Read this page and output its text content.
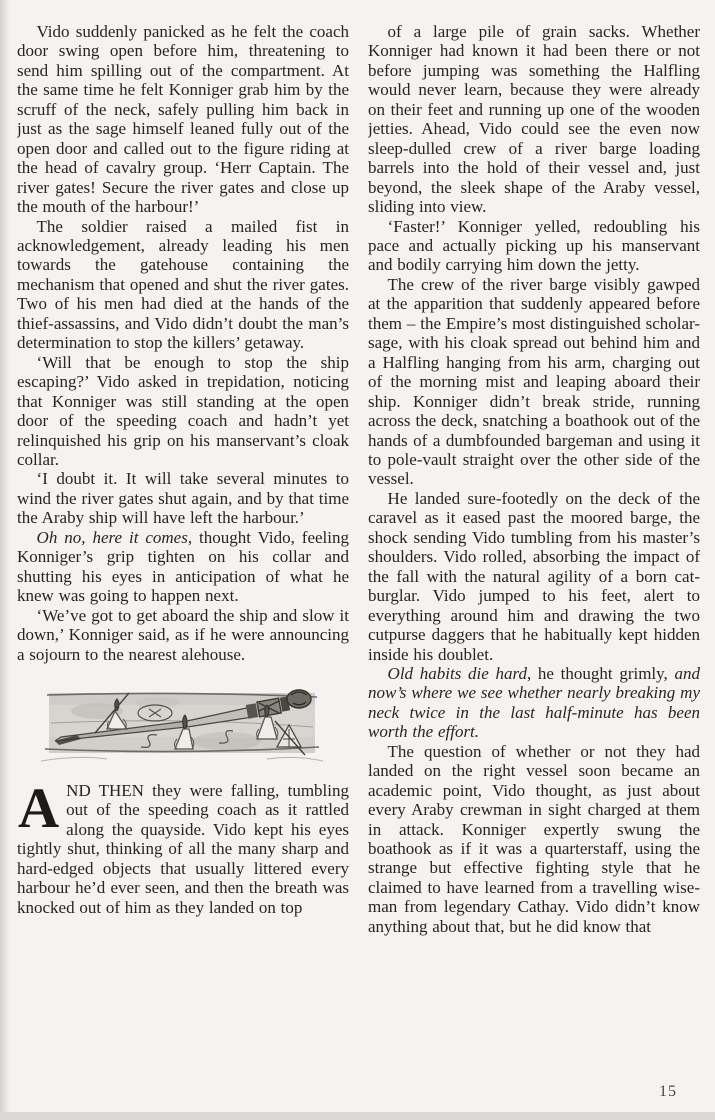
Vido suddenly panicked as he felt the coach door swing open before him, threatening to send him spilling out of the compartment. At the same time he felt Konniger grab him by the scruff of the neck, safely pulling him back in just as the sage himself leaned fully out of the open door and called out to the figure riding at the head of cavalry group. ‘Herr Captain. The river gates! Secure the river gates and close up the mouth of the harbour!’

The soldier raised a mailed fist in acknowledgement, already leading his men towards the gatehouse containing the mechanism that opened and shut the river gates. Two of his men had died at the hands of the thief-assassins, and Vido didn’t doubt the man’s determination to stop the killers’ getaway.

‘Will that be enough to stop the ship escaping?’ Vido asked in trepidation, noticing that Konniger was still standing at the open door of the speeding coach and hadn’t yet relinquished his grip on his manservant’s cloak collar.

‘I doubt it. It will take several minutes to wind the river gates shut again, and by that time the Araby ship will have left the harbour.’

Oh no, here it comes, thought Vido, feeling Konniger’s grip tighten on his collar and shutting his eyes in anticipation of what he knew was going to happen next.

‘We’ve got to get aboard the ship and slow it down,’ Konniger said, as if he were announcing a sojourn to the nearest alehouse.

AND THEN they were falling, tumbling out of the speeding coach as it rattled along the quayside. Vido kept his eyes tightly shut, thinking of all the many sharp and hard-edged objects that usually littered every harbour he’d ever seen, and then the breath was knocked out of him as they landed on top

of a large pile of grain sacks. Whether Konniger had known it had been there or not before jumping was something the Halfling would never learn, because they were already on their feet and running up one of the wooden jetties. Ahead, Vido could see the even now sleep-dulled crew of a river barge loading barrels into the hold of their vessel and, just beyond, the sleek shape of the Araby vessel, sliding into view.

‘Faster!’ Konniger yelled, redoubling his pace and actually picking up his manservant and bodily carrying him down the jetty.

The crew of the river barge visibly gawped at the apparition that suddenly appeared before them – the Empire’s most distinguished scholar-sage, with his cloak spread out behind him and a Halfling hanging from his arm, charging out of the morning mist and leaping aboard their ship. Konniger didn’t break stride, running across the deck, snatching a boathook out of the hands of a dumbfounded bargeman and using it to pole-vault straight over the other side of the vessel.

He landed sure-footedly on the deck of the caravel as it eased past the moored barge, the shock sending Vido tumbling from his master’s shoulders. Vido rolled, absorbing the impact of the fall with the natural agility of a born cat-burglar. Vido jumped to his feet, alert to everything around him and drawing the two cutpurse daggers that he habitually kept hidden inside his doublet.

Old habits die hard, he thought grimly, and now’s where we see whether nearly breaking my neck twice in the last half-minute has been worth the effort.

The question of whether or not they had landed on the right vessel soon became an academic point, Vido thought, as just about every Araby crewman in sight charged at them in attack. Konniger expertly swung the boathook as if it was a quarterstaff, using the strange but effective fighting style that he claimed to have learned from a travelling wise-man from legendary Cathay. Vido didn’t know anything about that, but he did know that

15
